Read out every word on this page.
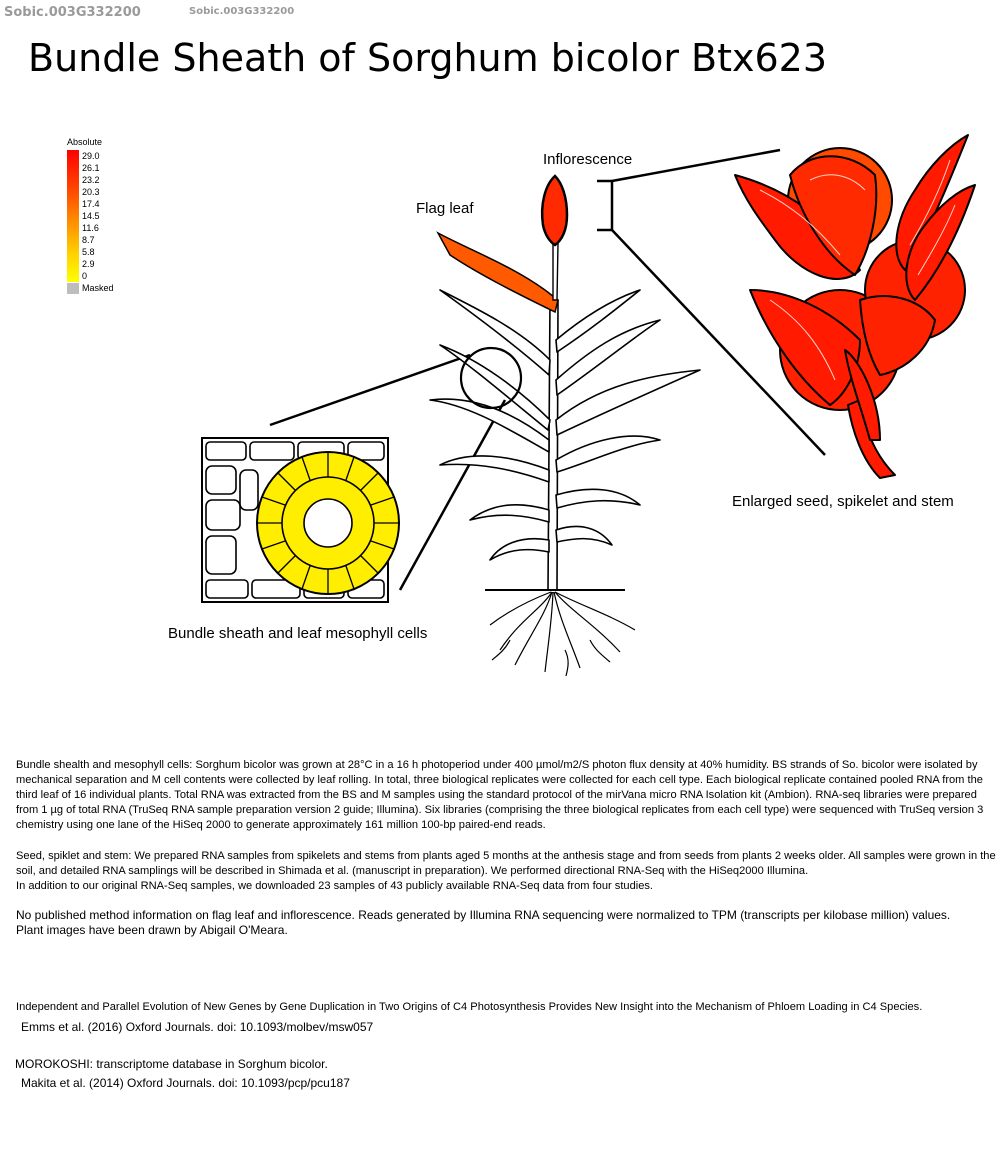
Sobic.003G332200	Sobic.003G332200
Bundle Sheath of Sorghum bicolor Btx623
Absolute
29.0
26.1
23.2
20.3
17.4
14.5
11.6
8.7
5.8
2.9
0
Masked
Inflorescence
Flag leaf
Enlarged seed, spikelet and stem
Bundle sheath and leaf mesophyll cells

Bundle shealth and mesophyll cells: Sorghum bicolor was grown at 28°C in a 16 h photoperiod under 400 µmol/m2/S photon flux density at 40% humidity. BS strands of So. bicolor were isolated by mechanical separation and M cell contents were collected by leaf rolling. In total, three biological replicates were collected for each cell type. Each biological replicate contained pooled RNA from the third leaf of 16 individual plants. Total RNA was extracted from the BS and M samples using the standard protocol of the mirVana micro RNA Isolation kit (Ambion). RNA-seq libraries were prepared from 1 µg of total RNA (TruSeq RNA sample preparation version 2 guide; Illumina). Six libraries (comprising the three biological replicates from each cell type) were sequenced with TruSeq version 3 chemistry using one lane of the HiSeq 2000 to generate approximately 161 million 100-bp paired-end reads.

Seed, spiklet and stem: We prepared RNA samples from spikelets and stems from plants aged 5 months at the anthesis stage and from seeds from plants 2 weeks older. All samples were grown in the soil, and detailed RNA samplings will be described in Shimada et al. (manuscript in preparation). We performed directional RNA-Seq with the HiSeq2000 Illumina.

In addition to our original RNA-Seq samples, we downloaded 23 samples of 43 publicly available RNA-Seq data from four studies.

No published method information on flag leaf and inflorescence. Reads generated by Illumina RNA sequencing were normalized to TPM (transcripts per kilobase million) values.

Plant images have been drawn by Abigail O'Meara.

Independent and Parallel Evolution of New Genes by Gene Duplication in Two Origins of C4 Photosynthesis Provides New Insight into the Mechanism of Phloem Loading in C4 Species.
Emms et al. (2016) Oxford Journals. doi: 10.1093/molbev/msw057
MOROKOSHI: transcriptome database in Sorghum bicolor.
Makita et al. (2014) Oxford Journals. doi: 10.1093/pcp/pcu187
